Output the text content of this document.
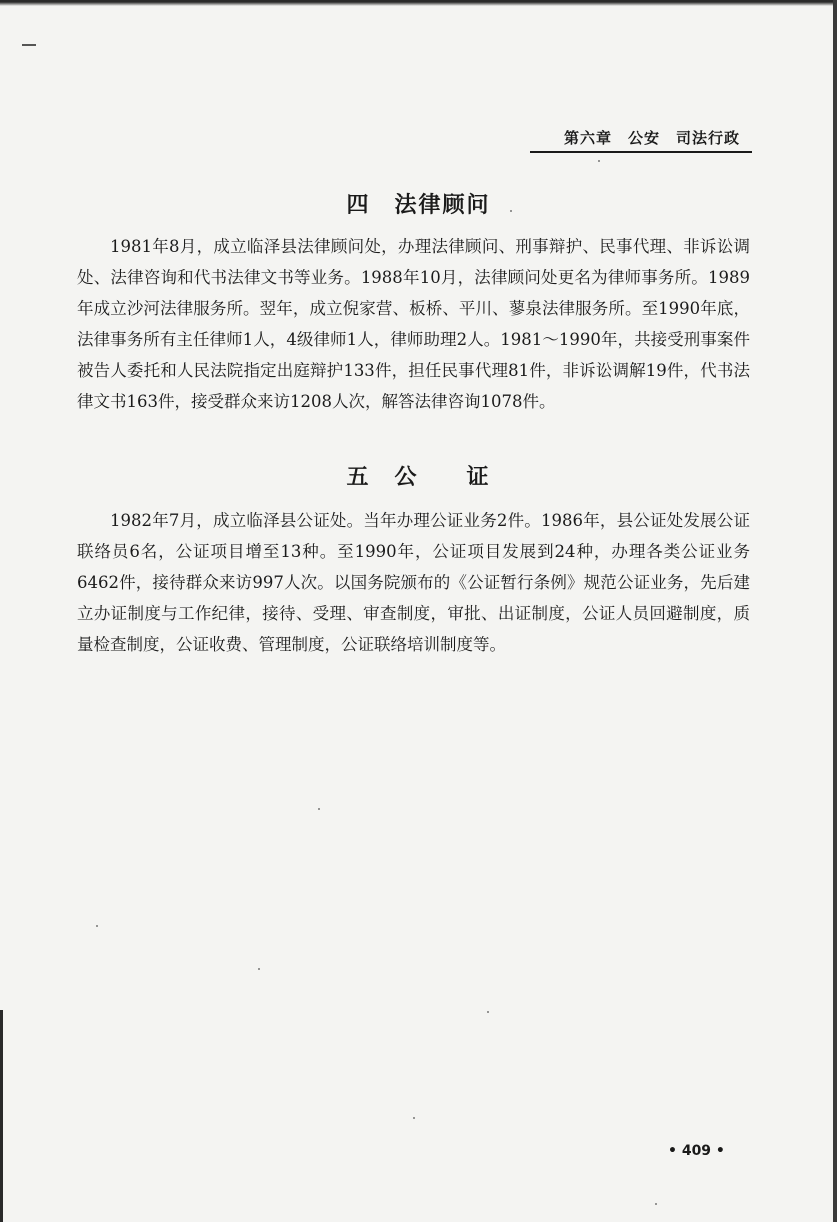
第六章　公安　司法行政
四　法律顾问

1981年8月，成立临泽县法律顾问处，办理法律顾问、刑事辩护、民事代理、非诉讼调处、法律咨询和代书法律文书等业务。1988年10月，法律顾问处更名为律师事务所。1989年成立沙河法律服务所。翌年，成立倪家营、板桥、平川、蓼泉法律服务所。至1990年底，法律事务所有主任律师1人，4级律师1人，律师助理2人。1981～1990年，共接受刑事案件被告人委托和人民法院指定出庭辩护133件，担任民事代理81件，非诉讼调解19件，代书法律文书163件，接受群众来访1208人次，解答法律咨询1078件。

五　公　　证

1982年7月，成立临泽县公证处。当年办理公证业务2件。1986年，县公证处发展公证联络员6名，公证项目增至13种。至1990年，公证项目发展到24种，办理各类公证业务6462件，接待群众来访997人次。以国务院颁布的《公证暂行条例》规范公证业务，先后建立办证制度与工作纪律，接待、受理、审查制度，审批、出证制度，公证人员回避制度，质量检查制度，公证收费、管理制度，公证联络培训制度等。

• 409 •
